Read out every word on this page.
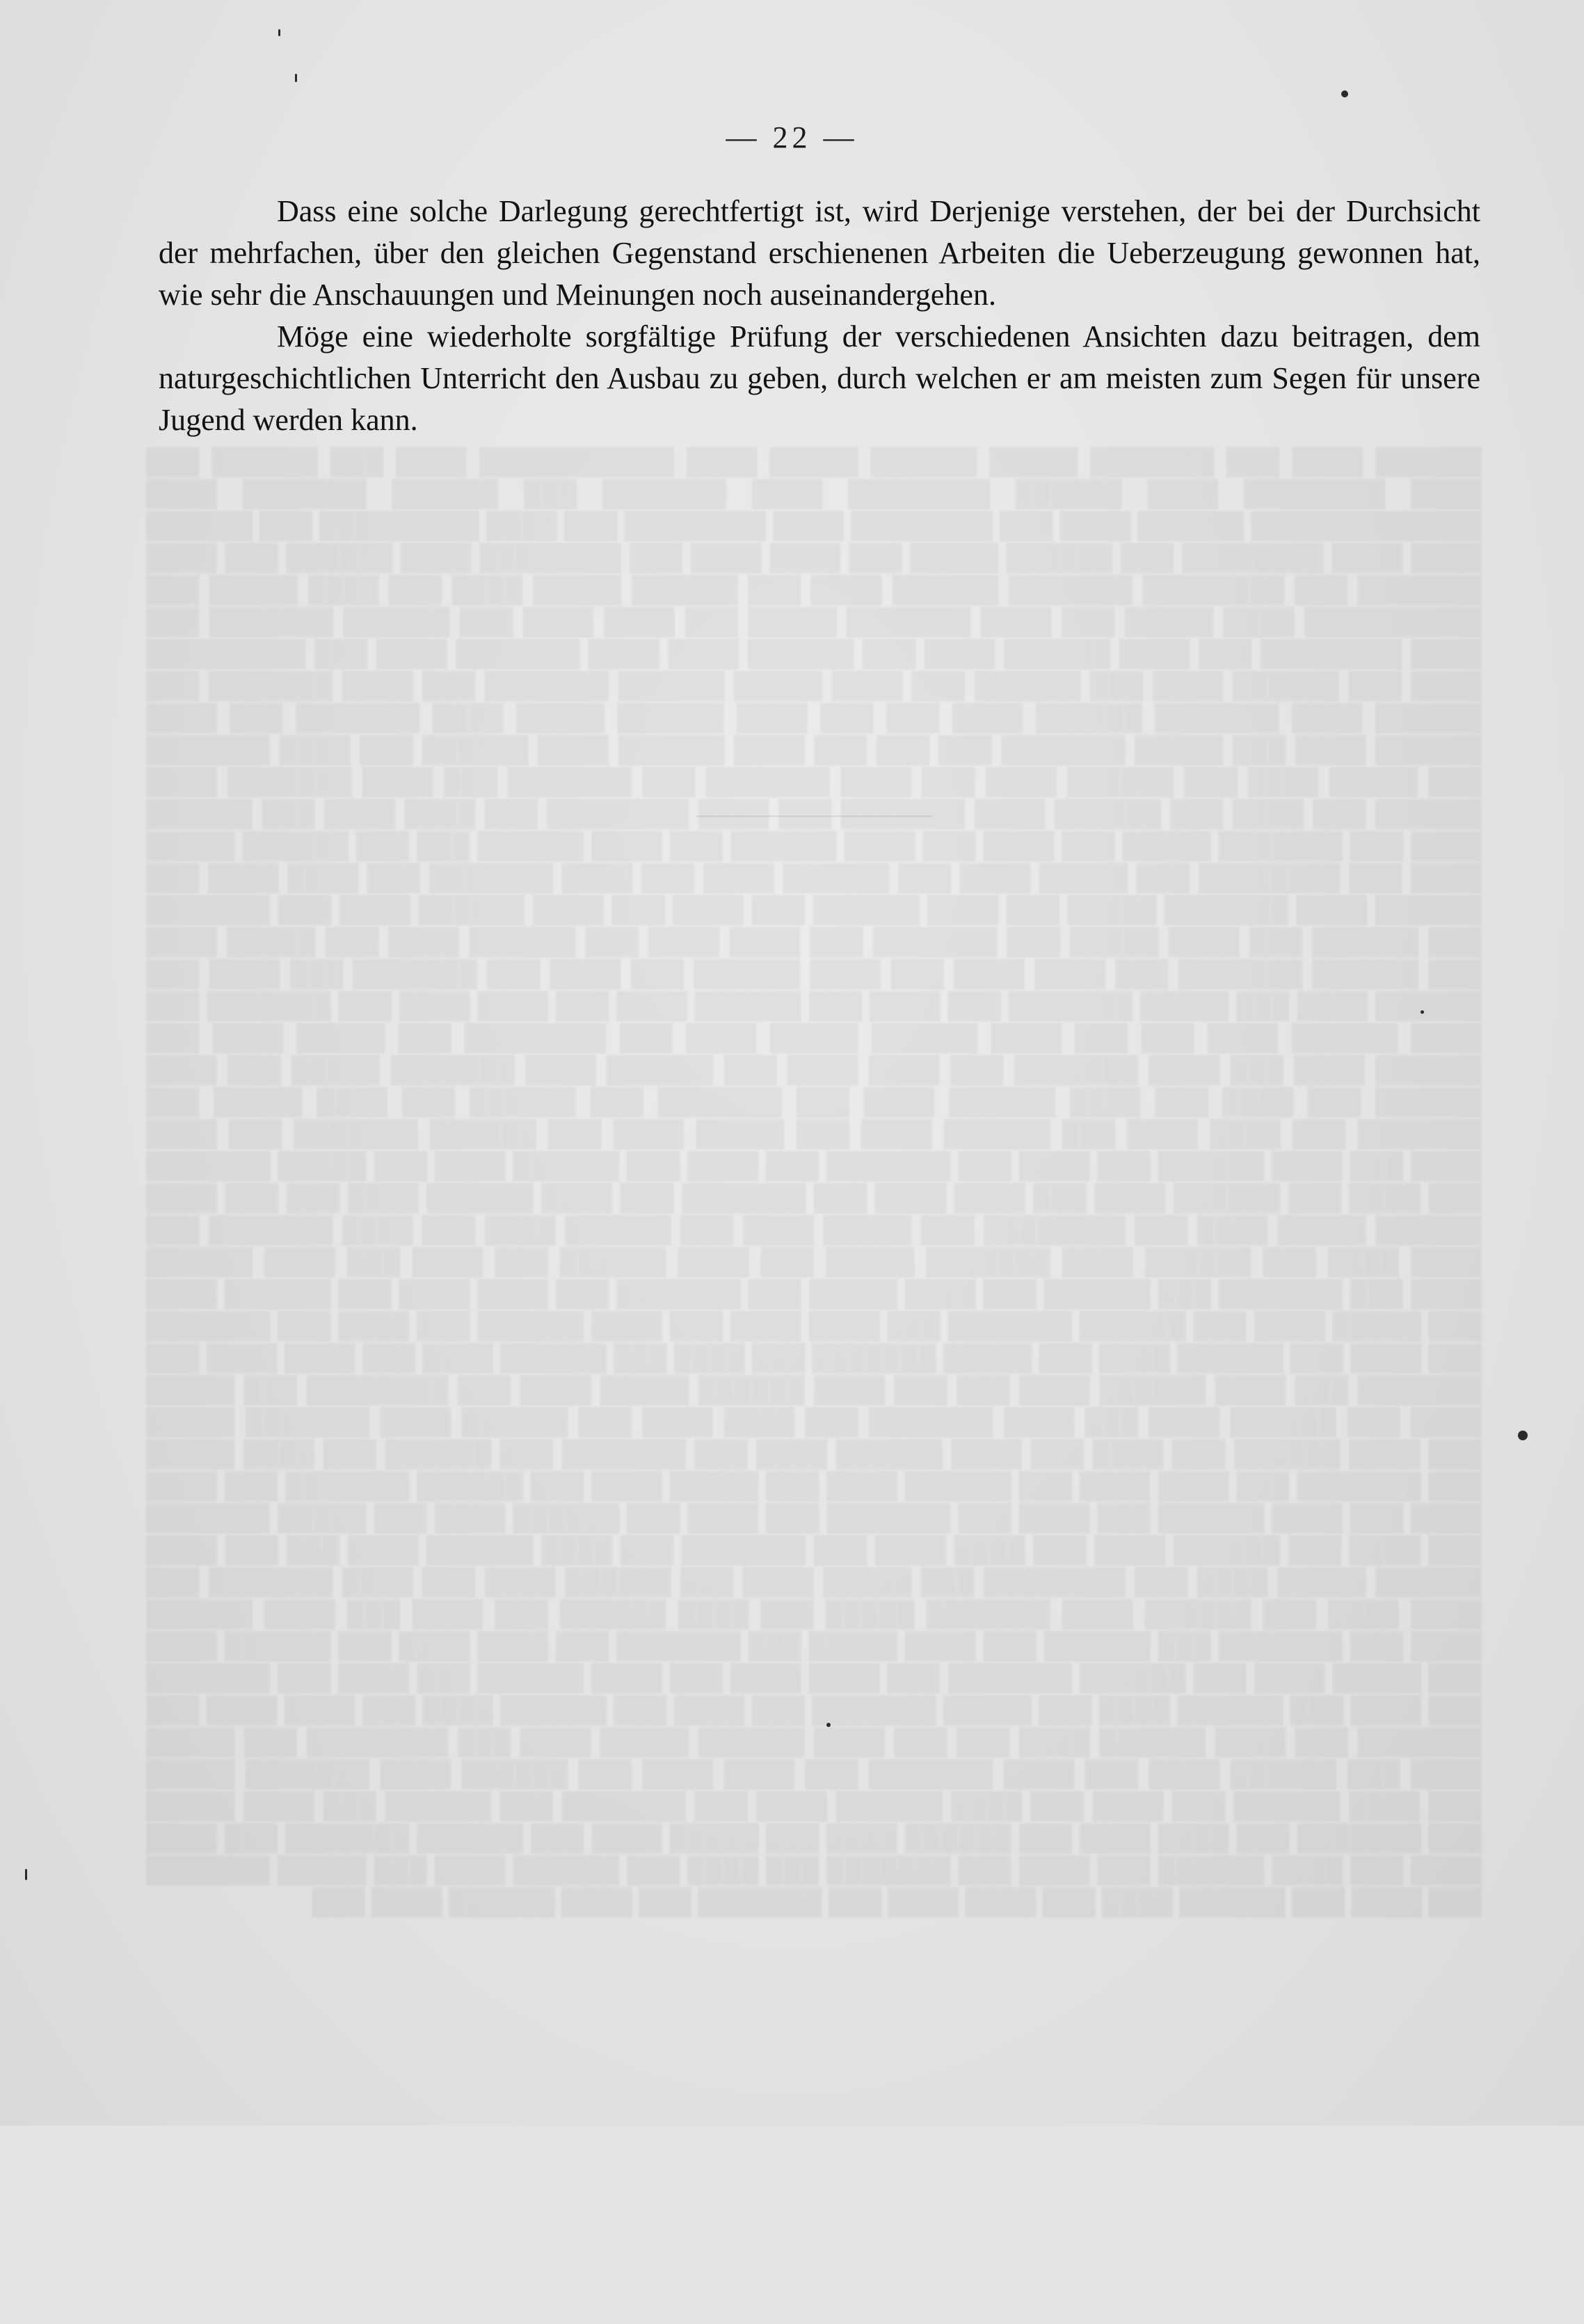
— 22 —

Dass eine solche Darlegung gerechtfertigt ist, wird Derjenige verstehen, der bei der Durchsicht der mehrfachen, über den gleichen Gegenstand erschienenen Arbeiten die Ueberzeugung gewonnen hat, wie sehr die Anschauungen und Meinungen noch auseinandergehen.

Möge eine wiederholte sorgfältige Prüfung der verschiedenen Ansichten dazu beitragen, dem naturgeschichtlichen Unterricht den Ausbau zu geben, durch welchen er am meisten zum Segen für unsere Jugend werden kann.
